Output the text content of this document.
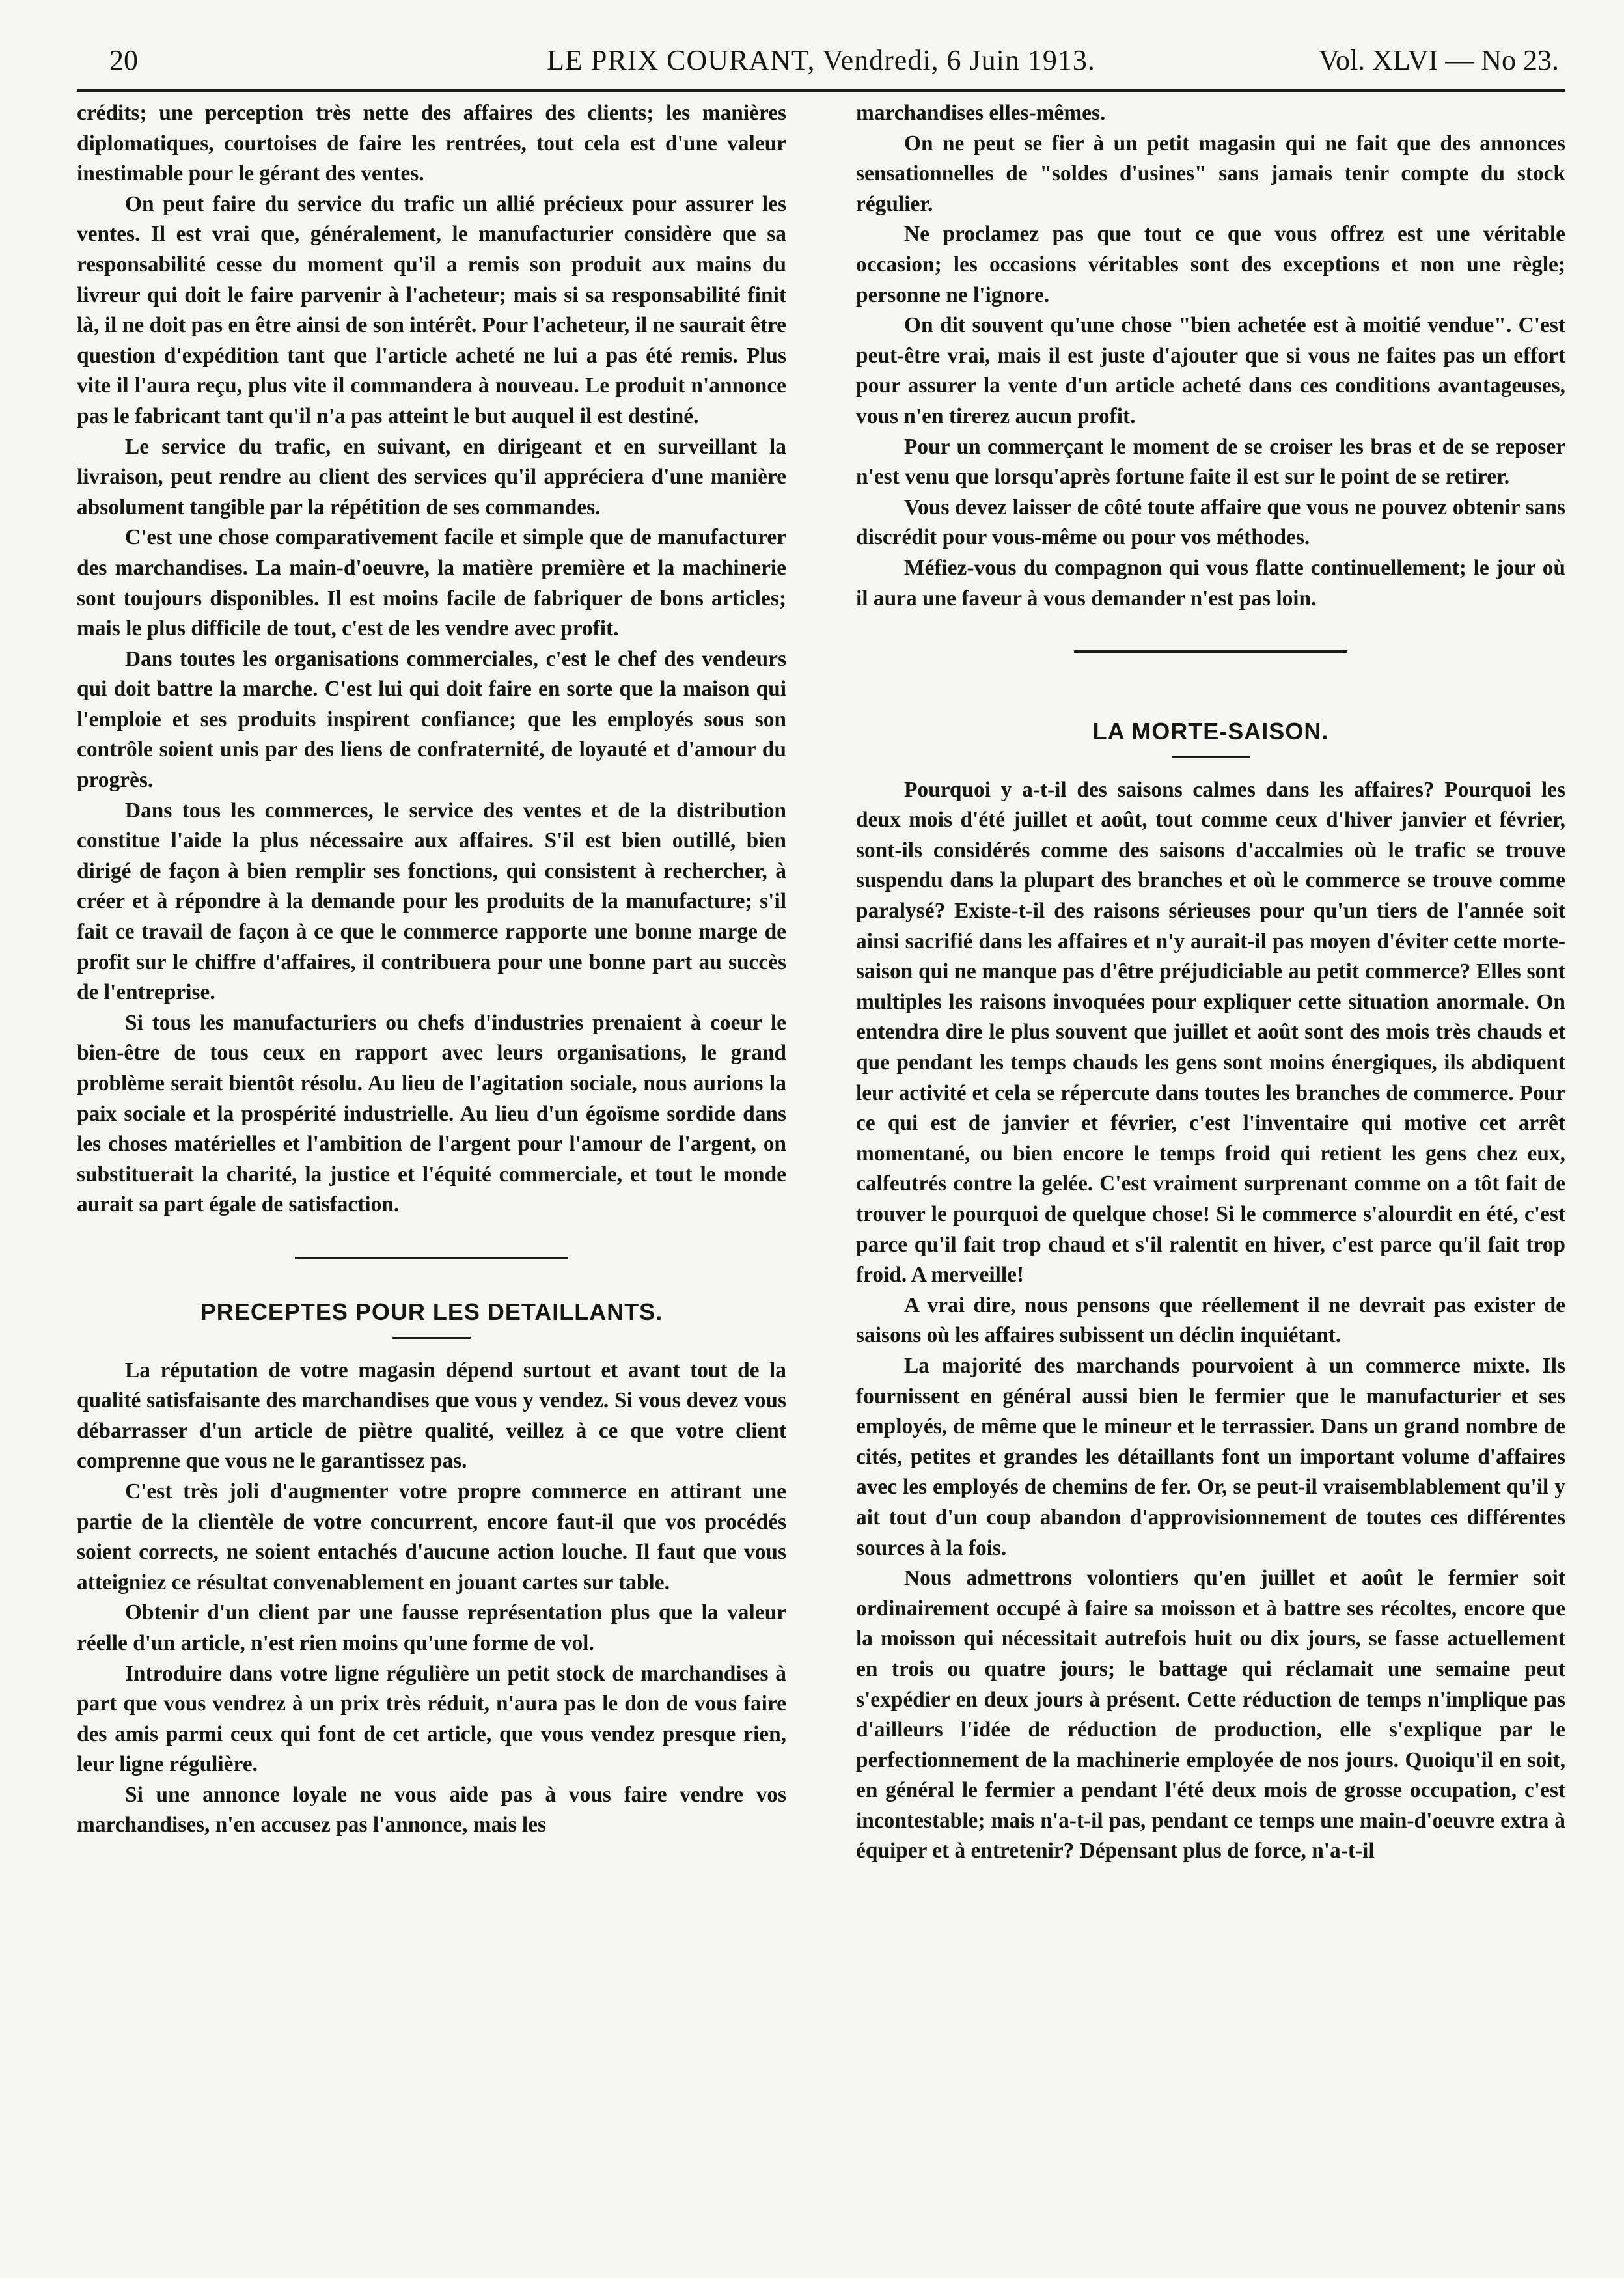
20	LE PRIX COURANT, Vendredi, 6 Juin 1913.	Vol. XLVI — No 23.

crédits; une perception très nette des affaires des clients; les manières diplomatiques, courtoises de faire les rentrées, tout cela est d'une valeur inestimable pour le gérant des ventes.

On peut faire du service du trafic un allié précieux pour assurer les ventes. Il est vrai que, généralement, le manufacturier considère que sa responsabilité cesse du moment qu'il a remis son produit aux mains du livreur qui doit le faire parvenir à l'acheteur; mais si sa responsabilité finit là, il ne doit pas en être ainsi de son intérêt. Pour l'acheteur, il ne saurait être question d'expédition tant que l'article acheté ne lui a pas été remis. Plus vite il l'aura reçu, plus vite il commandera à nouveau. Le produit n'annonce pas le fabricant tant qu'il n'a pas atteint le but auquel il est destiné.

Le service du trafic, en suivant, en dirigeant et en surveillant la livraison, peut rendre au client des services qu'il appréciera d'une manière absolument tangible par la répétition de ses commandes.

C'est une chose comparativement facile et simple que de manufacturer des marchandises. La main-d'oeuvre, la matière première et la machinerie sont toujours disponibles. Il est moins facile de fabriquer de bons articles; mais le plus difficile de tout, c'est de les vendre avec profit.

Dans toutes les organisations commerciales, c'est le chef des vendeurs qui doit battre la marche. C'est lui qui doit faire en sorte que la maison qui l'emploie et ses produits inspirent confiance; que les employés sous son contrôle soient unis par des liens de confraternité, de loyauté et d'amour du progrès.

Dans tous les commerces, le service des ventes et de la distribution constitue l'aide la plus nécessaire aux affaires. S'il est bien outillé, bien dirigé de façon à bien remplir ses fonctions, qui consistent à rechercher, à créer et à répondre à la demande pour les produits de la manufacture; s'il fait ce travail de façon à ce que le commerce rapporte une bonne marge de profit sur le chiffre d'affaires, il contribuera pour une bonne part au succès de l'entreprise.

Si tous les manufacturiers ou chefs d'industries prenaient à coeur le bien-être de tous ceux en rapport avec leurs organisations, le grand problème serait bientôt résolu. Au lieu de l'agitation sociale, nous aurions la paix sociale et la prospérité industrielle. Au lieu d'un égoïsme sordide dans les choses matérielles et l'ambition de l'argent pour l'amour de l'argent, on substituerait la charité, la justice et l'équité commerciale, et tout le monde aurait sa part égale de satisfaction.

PRECEPTES POUR LES DETAILLANTS.

La réputation de votre magasin dépend surtout et avant tout de la qualité satisfaisante des marchandises que vous y vendez. Si vous devez vous débarrasser d'un article de piètre qualité, veillez à ce que votre client comprenne que vous ne le garantissez pas.

C'est très joli d'augmenter votre propre commerce en attirant une partie de la clientèle de votre concurrent, encore faut-il que vos procédés soient corrects, ne soient entachés d'aucune action louche. Il faut que vous atteigniez ce résultat convenablement en jouant cartes sur table.

Obtenir d'un client par une fausse représentation plus que la valeur réelle d'un article, n'est rien moins qu'une forme de vol.

Introduire dans votre ligne régulière un petit stock de marchandises à part que vous vendrez à un prix très réduit, n'aura pas le don de vous faire des amis parmi ceux qui font de cet article, que vous vendez presque rien, leur ligne régulière.

Si une annonce loyale ne vous aide pas à vous faire vendre vos marchandises, n'en accusez pas l'annonce, mais les

marchandises elles-mêmes.

On ne peut se fier à un petit magasin qui ne fait que des annonces sensationnelles de "soldes d'usines" sans jamais tenir compte du stock régulier.

Ne proclamez pas que tout ce que vous offrez est une véritable occasion; les occasions véritables sont des exceptions et non une règle; personne ne l'ignore.

On dit souvent qu'une chose "bien achetée est à moitié vendue". C'est peut-être vrai, mais il est juste d'ajouter que si vous ne faites pas un effort pour assurer la vente d'un article acheté dans ces conditions avantageuses, vous n'en tirerez aucun profit.

Pour un commerçant le moment de se croiser les bras et de se reposer n'est venu que lorsqu'après fortune faite il est sur le point de se retirer.

Vous devez laisser de côté toute affaire que vous ne pouvez obtenir sans discrédit pour vous-même ou pour vos méthodes.

Méfiez-vous du compagnon qui vous flatte continuellement; le jour où il aura une faveur à vous demander n'est pas loin.

LA MORTE-SAISON.

Pourquoi y a-t-il des saisons calmes dans les affaires? Pourquoi les deux mois d'été juillet et août, tout comme ceux d'hiver janvier et février, sont-ils considérés comme des saisons d'accalmies où le trafic se trouve suspendu dans la plupart des branches et où le commerce se trouve comme paralysé? Existe-t-il des raisons sérieuses pour qu'un tiers de l'année soit ainsi sacrifié dans les affaires et n'y aurait-il pas moyen d'éviter cette morte-saison qui ne manque pas d'être préjudiciable au petit commerce? Elles sont multiples les raisons invoquées pour expliquer cette situation anormale. On entendra dire le plus souvent que juillet et août sont des mois très chauds et que pendant les temps chauds les gens sont moins énergiques, ils abdiquent leur activité et cela se répercute dans toutes les branches de commerce. Pour ce qui est de janvier et février, c'est l'inventaire qui motive cet arrêt momentané, ou bien encore le temps froid qui retient les gens chez eux, calfeutrés contre la gelée. C'est vraiment surprenant comme on a tôt fait de trouver le pourquoi de quelque chose! Si le commerce s'alourdit en été, c'est parce qu'il fait trop chaud et s'il ralentit en hiver, c'est parce qu'il fait trop froid. A merveille!

A vrai dire, nous pensons que réellement il ne devrait pas exister de saisons où les affaires subissent un déclin inquiétant.

La majorité des marchands pourvoient à un commerce mixte. Ils fournissent en général aussi bien le fermier que le manufacturier et ses employés, de même que le mineur et le terrassier. Dans un grand nombre de cités, petites et grandes les détaillants font un important volume d'affaires avec les employés de chemins de fer. Or, se peut-il vraisemblablement qu'il y ait tout d'un coup abandon d'approvisionnement de toutes ces différentes sources à la fois.

Nous admettrons volontiers qu'en juillet et août le fermier soit ordinairement occupé à faire sa moisson et à battre ses récoltes, encore que la moisson qui nécessitait autrefois huit ou dix jours, se fasse actuellement en trois ou quatre jours; le battage qui réclamait une semaine peut s'expédier en deux jours à présent. Cette réduction de temps n'implique pas d'ailleurs l'idée de réduction de production, elle s'explique par le perfectionnement de la machinerie employée de nos jours. Quoiqu'il en soit, en général le fermier a pendant l'été deux mois de grosse occupation, c'est incontestable; mais n'a-t-il pas, pendant ce temps une main-d'oeuvre extra à équiper et à entretenir? Dépensant plus de force, n'a-t-il
